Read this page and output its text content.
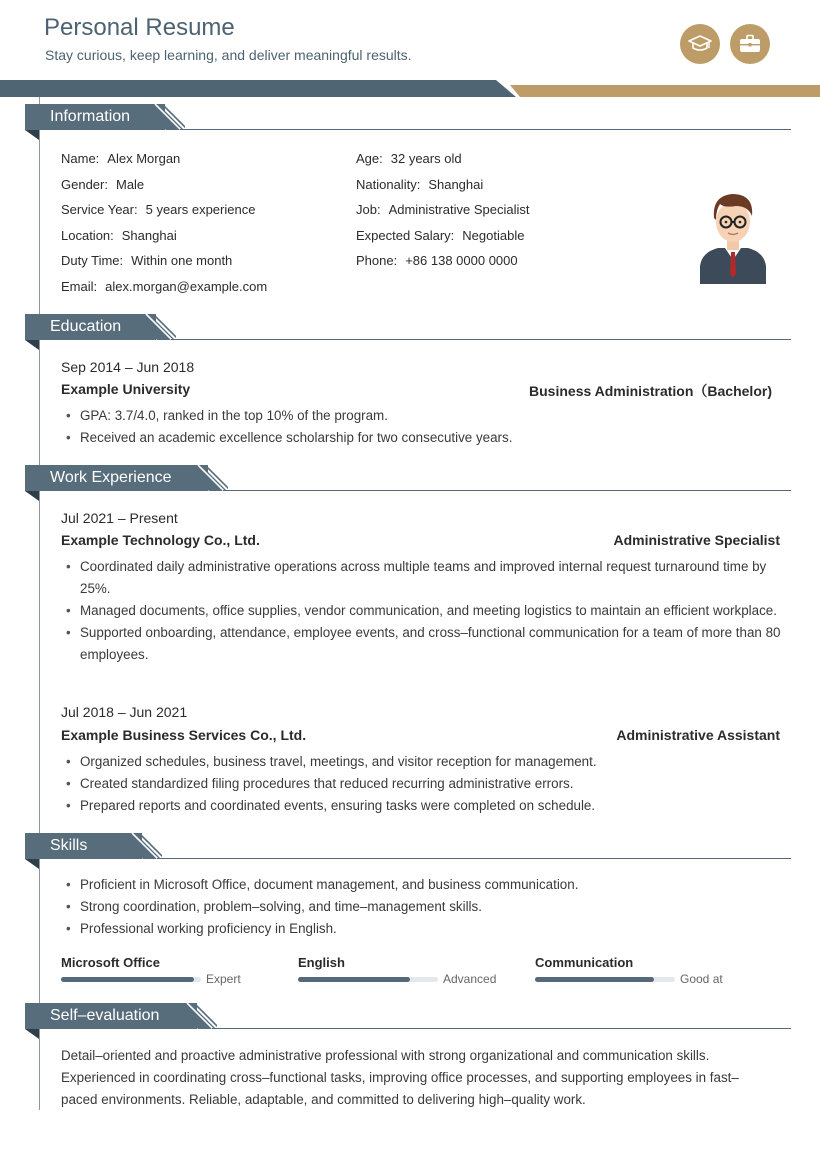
Personal Resume
Stay curious, keep learning, and deliver meaningful results.
Information
Name: Alex Morgan
Gender: Male
Service Year: 5 years experience
Location: Shanghai
Duty Time: Within one month
Email: alex.morgan@example.com
Age: 32 years old
Nationality: Shanghai
Job: Administrative Specialist
Expected Salary: Negotiable
Phone: +86 138 0000 0000
Education
Sep 2014 – Jun 2018
Example University	Business Administration（Bachelor)
• GPA: 3.7/4.0, ranked in the top 10% of the program.
• Received an academic excellence scholarship for two consecutive years.
Work Experience
Jul 2021 – Present
Example Technology Co., Ltd.	Administrative Specialist
• Coordinated daily administrative operations across multiple teams and improved internal request turnaround time by 25%.
• Managed documents, office supplies, vendor communication, and meeting logistics to maintain an efficient workplace.
• Supported onboarding, attendance, employee events, and cross–functional communication for a team of more than 80 employees.
Jul 2018 – Jun 2021
Example Business Services Co., Ltd.	Administrative Assistant
• Organized schedules, business travel, meetings, and visitor reception for management.
• Created standardized filing procedures that reduced recurring administrative errors.
• Prepared reports and coordinated events, ensuring tasks were completed on schedule.
Skills
• Proficient in Microsoft Office, document management, and business communication.
• Strong coordination, problem–solving, and time–management skills.
• Professional working proficiency in English.
Microsoft Office
Expert
English
Advanced
Communication
Good at
Self–evaluation
Detail–oriented and proactive administrative professional with strong organizational and communication skills. Experienced in coordinating cross–functional tasks, improving office processes, and supporting employees in fast–paced environments. Reliable, adaptable, and committed to delivering high–quality work.
